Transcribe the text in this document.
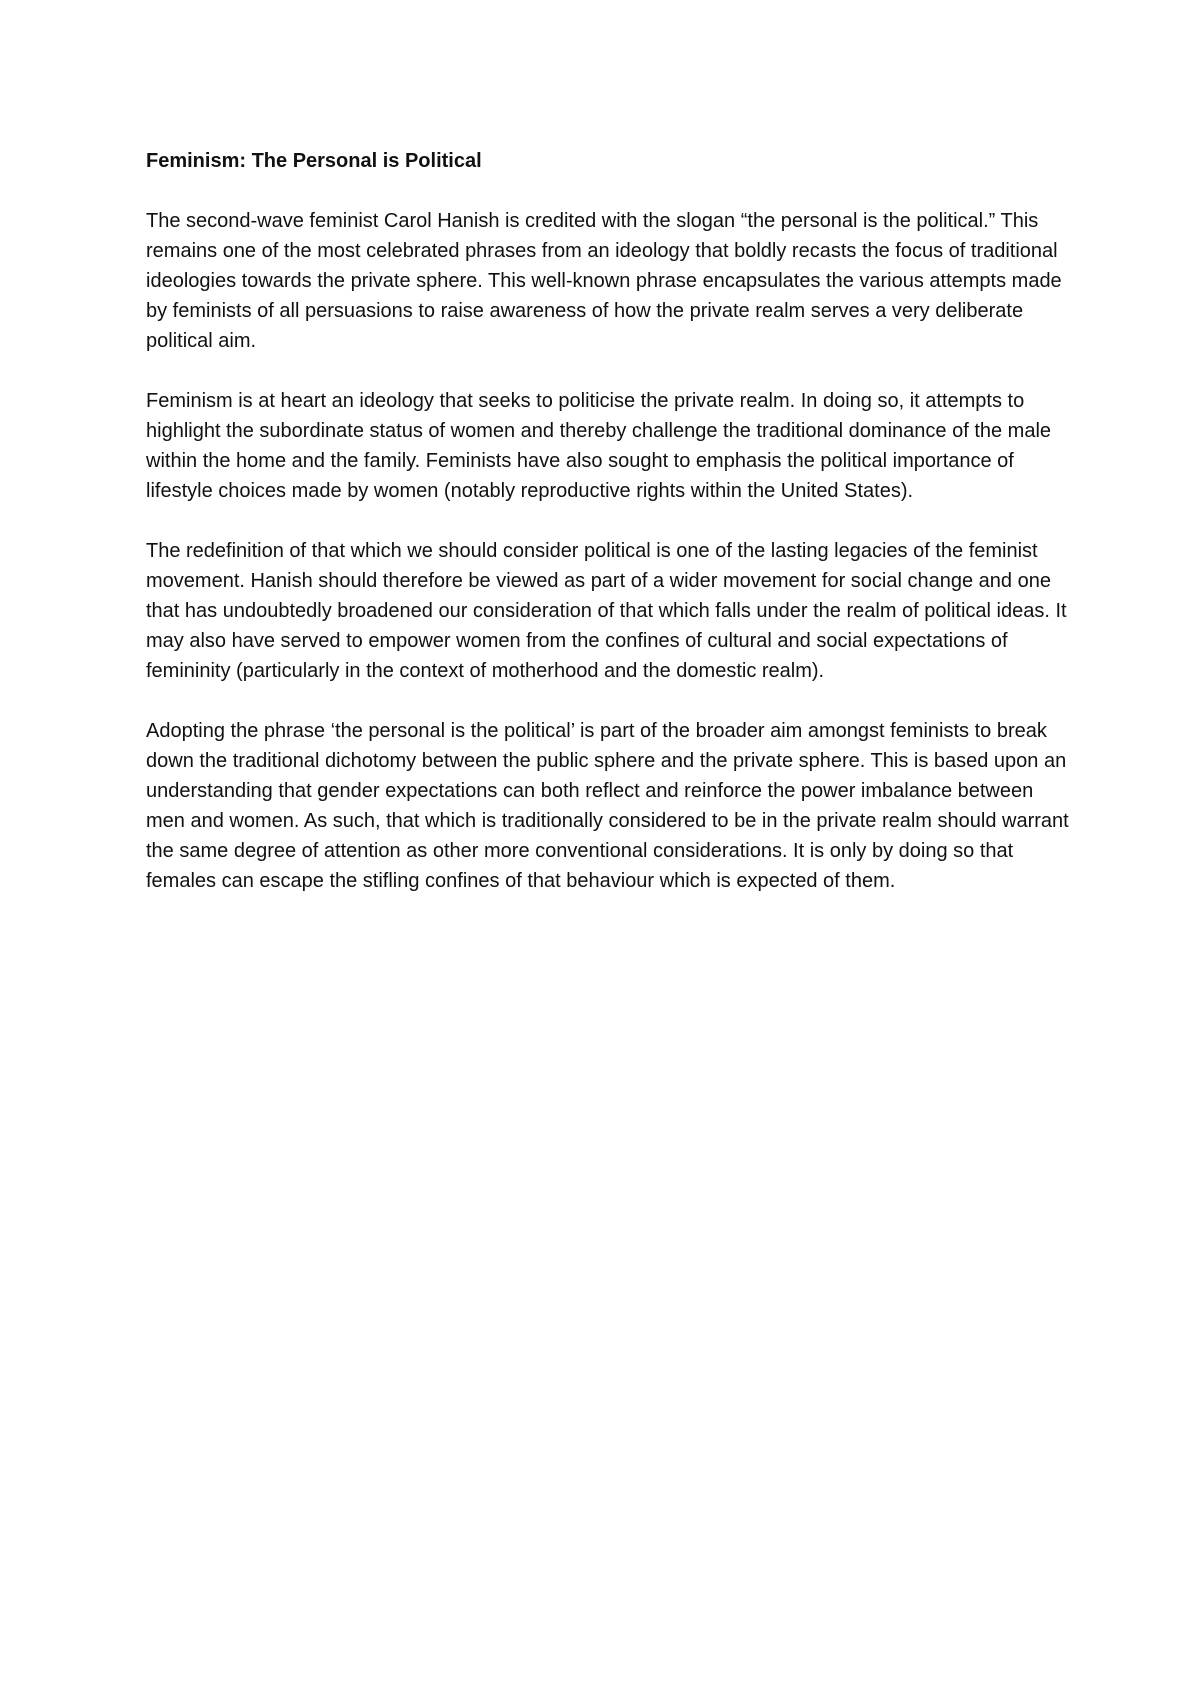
Feminism: The Personal is Political

The second-wave feminist Carol Hanish is credited with the slogan “the personal is the political.” This remains one of the most celebrated phrases from an ideology that boldly recasts the focus of traditional ideologies towards the private sphere. This well-known phrase encapsulates the various attempts made by feminists of all persuasions to raise awareness of how the private realm serves a very deliberate political aim.

Feminism is at heart an ideology that seeks to politicise the private realm. In doing so, it attempts to highlight the subordinate status of women and thereby challenge the traditional dominance of the male within the home and the family. Feminists have also sought to emphasis the political importance of lifestyle choices made by women (notably reproductive rights within the United States).

The redefinition of that which we should consider political is one of the lasting legacies of the feminist movement. Hanish should therefore be viewed as part of a wider movement for social change and one that has undoubtedly broadened our consideration of that which falls under the realm of political ideas. It may also have served to empower women from the confines of cultural and social expectations of femininity (particularly in the context of motherhood and the domestic realm).

Adopting the phrase ‘the personal is the political’ is part of the broader aim amongst feminists to break down the traditional dichotomy between the public sphere and the private sphere. This is based upon an understanding that gender expectations can both reflect and reinforce the power imbalance between men and women. As such, that which is traditionally considered to be in the private realm should warrant the same degree of attention as other more conventional considerations. It is only by doing so that females can escape the stifling confines of that behaviour which is expected of them.
